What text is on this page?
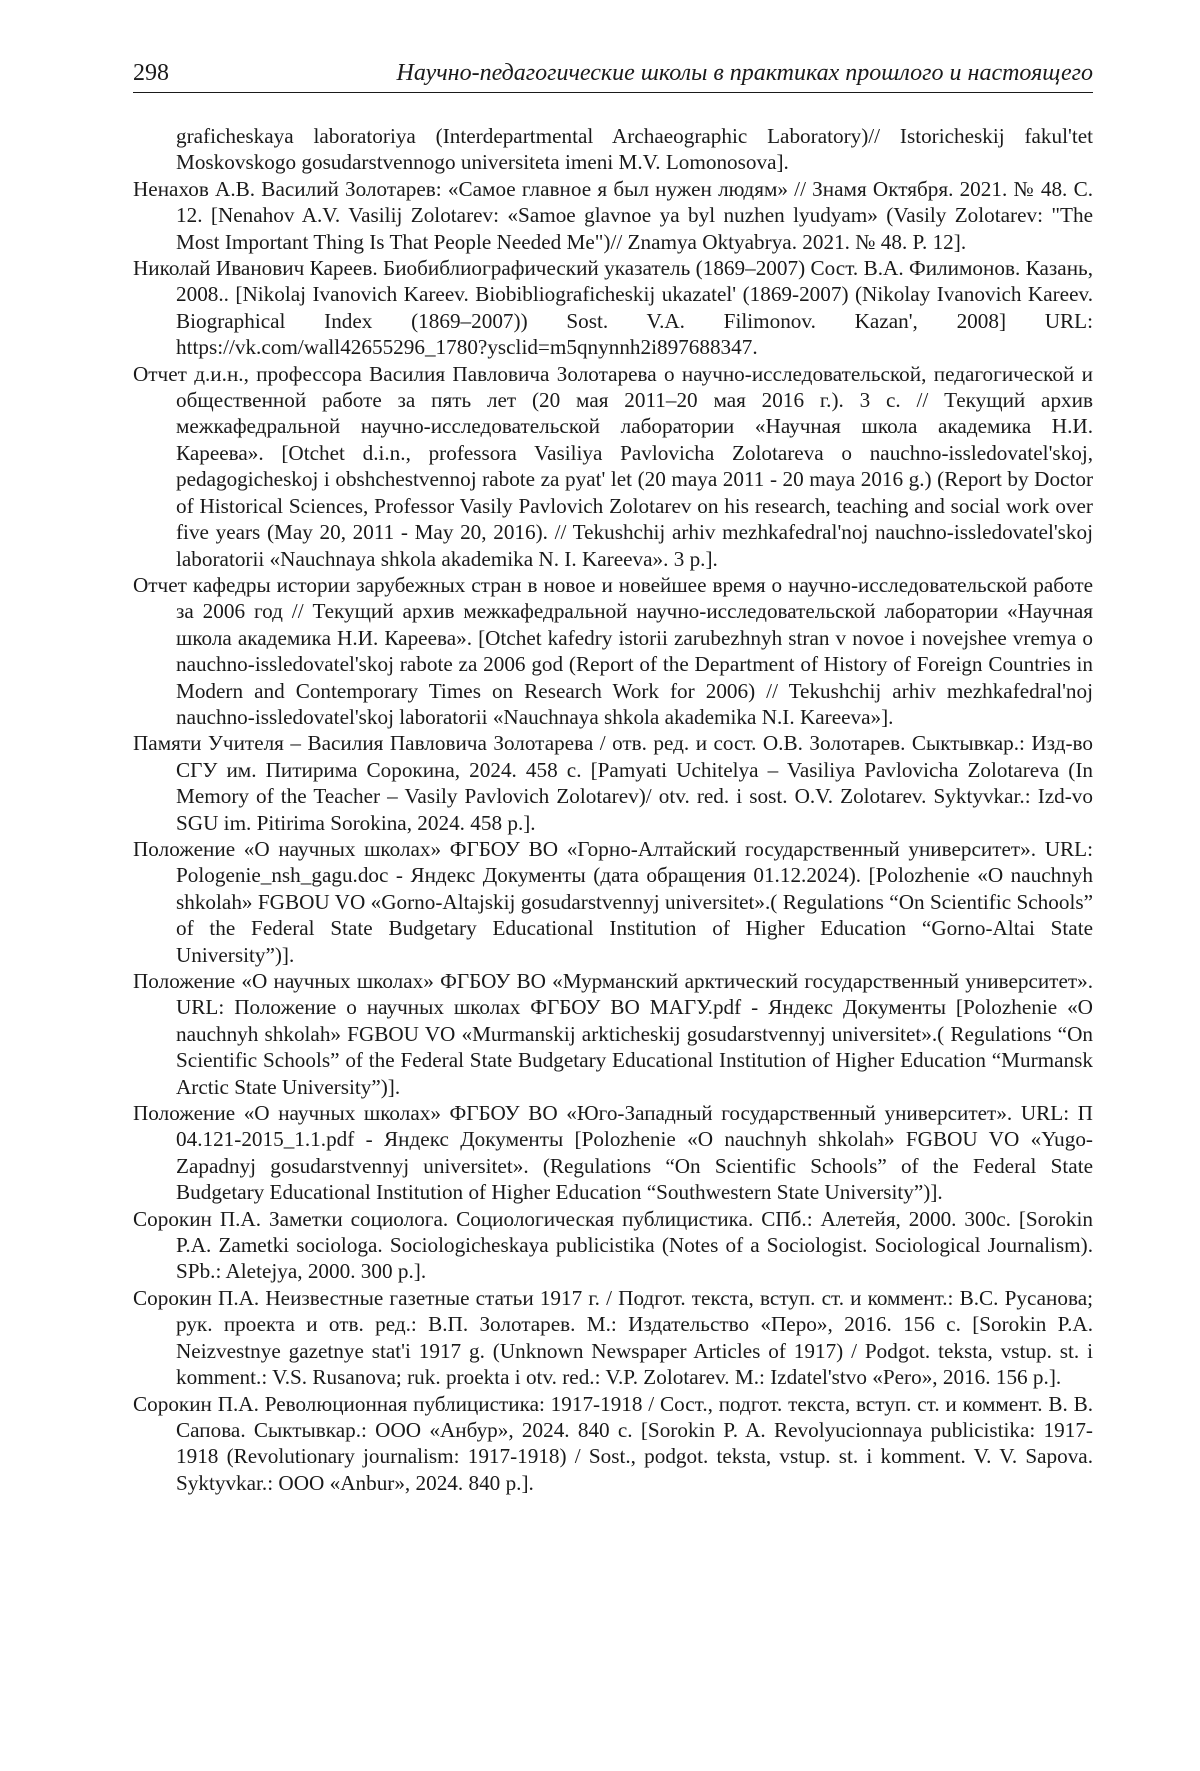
298	Научно-педагогические школы в практиках прошлого и настоящего

graficheskaya laboratoriya (Interdepartmental Archaeographic Laboratory)// Istoricheskij fakul'tet Moskovskogo gosudarstvennogo universiteta imeni M.V. Lomonosova].

Ненахов А.В. Василий Золотарев: «Самое главное я был нужен людям» // Знамя Октября. 2021. № 48. С. 12. [Nenahov A.V. Vasilij Zolotarev: «Samoe glavnoe ya byl nuzhen lyudyam» (Vasily Zolotarev: "The Most Important Thing Is That People Needed Me")// Znamya Oktyabrya. 2021. № 48. P. 12].

Николай Иванович Кареев. Биобиблиографический указатель (1869–2007) Сост. В.А. Филимонов. Казань, 2008.. [Nikolaj Ivanovich Kareev. Biobibliograficheskij ukazatel' (1869-2007) (Nikolay Ivanovich Kareev. Biographical Index (1869–2007)) Sost. V.A. Filimonov. Kazan', 2008] URL: https://vk.com/wall42655296_1780?ysclid=m5qnynnh2i897688347.

Отчет д.и.н., профессора Василия Павловича Золотарева о научно-исследовательской, педагогической и общественной работе за пять лет (20 мая 2011–20 мая 2016 г.). 3 с. // Текущий архив межкафедральной научно-исследовательской лаборатории «Научная школа академика Н.И. Кареева». [Otchet d.i.n., professora Vasiliya Pavlovicha Zolotareva o nauchno-issledovatel'skoj, pedagogicheskoj i obshchestvennoj rabote za pyat' let (20 maya 2011 - 20 maya 2016 g.) (Report by Doctor of Historical Sciences, Professor Vasily Pavlovich Zolotarev on his research, teaching and social work over five years (May 20, 2011 - May 20, 2016). // Tekushchij arhiv mezhkafedral'noj nauchno-issledovatel'skoj laboratorii «Nauchnaya shkola akademika N. I. Kareeva». 3 p.].

Отчет кафедры истории зарубежных стран в новое и новейшее время о научно-исследовательской работе за 2006 год // Текущий архив межкафедральной научно-исследовательской лаборатории «Научная школа академика Н.И. Кареева». [Otchet kafedry istorii zarubezhnyh stran v novoe i novejshee vremya o nauchno-issledovatel'skoj rabote za 2006 god (Report of the Department of History of Foreign Countries in Modern and Contemporary Times on Research Work for 2006) // Tekushchij arhiv mezhkafedral'noj nauchno-issledovatel'skoj laboratorii «Nauchnaya shkola akademika N.I. Kareeva»].

Памяти Учителя – Василия Павловича Золотарева / отв. ред. и сост. О.В. Золотарев. Сыктывкар.: Изд-во СГУ им. Питирима Сорокина, 2024. 458 с. [Pamyati Uchitelya – Vasiliya Pavlovicha Zolotareva (In Memory of the Teacher – Vasily Pavlovich Zolotarev)/ otv. red. i sost. O.V. Zolotarev. Syktyvkar.: Izd-vo SGU im. Pitirima Sorokina, 2024. 458 p.].

Положение «О научных школах» ФГБОУ ВО «Горно-Алтайский государственный университет». URL: Pologenie_nsh_gagu.doc - Яндекс Документы (дата обращения 01.12.2024). [Polozhenie «O nauchnyh shkolah» FGBOU VO «Gorno-Altajskij gosudarstvennyj universitet».( Regulations “On Scientific Schools” of the Federal State Budgetary Educational Institution of Higher Education “Gorno-Altai State University”)].

Положение «О научных школах» ФГБОУ ВО «Мурманский арктический государственный университет». URL: Положение о научных школах ФГБОУ ВО МАГУ.pdf - Яндекс Документы [Polozhenie «O nauchnyh shkolah» FGBOU VO «Murmanskij arkticheskij gosudarstvennyj universitet».( Regulations “On Scientific Schools” of the Federal State Budgetary Educational Institution of Higher Education “Murmansk Arctic State University”)].

Положение «О научных школах» ФГБОУ ВО «Юго-Западный государственный университет». URL: П 04.121-2015_1.1.pdf - Яндекс Документы [Polozhenie «O nauchnyh shkolah» FGBOU VO «Yugo-Zapadnyj gosudarstvennyj universitet». (Regulations “On Scientific Schools” of the Federal State Budgetary Educational Institution of Higher Education “Southwestern State University”)].

Сорокин П.А. Заметки социолога. Социологическая публицистика. СПб.: Алетейя, 2000. 300с. [Sorokin P.A. Zametki sociologa. Sociologicheskaya publicistika (Notes of a Sociologist. Sociological Journalism). SPb.: Aletejya, 2000. 300 p.].

Сорокин П.А. Неизвестные газетные статьи 1917 г. / Подгот. текста, вступ. ст. и коммент.: В.С. Русанова; рук. проекта и отв. ред.: В.П. Золотарев. М.: Издательство «Перо», 2016. 156 с. [Sorokin P.A. Neizvestnye gazetnye stat'i 1917 g. (Unknown Newspaper Articles of 1917) / Podgot. teksta, vstup. st. i komment.: V.S. Rusanova; ruk. proekta i otv. red.: V.P. Zolotarev. M.: Izdatel'stvo «Pero», 2016. 156 p.].

Сорокин П.А. Революционная публицистика: 1917-1918 / Сост., подгот. текста, вступ. ст. и коммент. В. В. Сапова. Сыктывкар.: ООО «Анбур», 2024. 840 с. [Sorokin P. A. Revolyucionnaya publicistika: 1917-1918 (Revolutionary journalism: 1917-1918) / Sost., podgot. teksta, vstup. st. i komment. V. V. Sapova. Syktyvkar.: OOO «Anbur», 2024. 840 p.].
